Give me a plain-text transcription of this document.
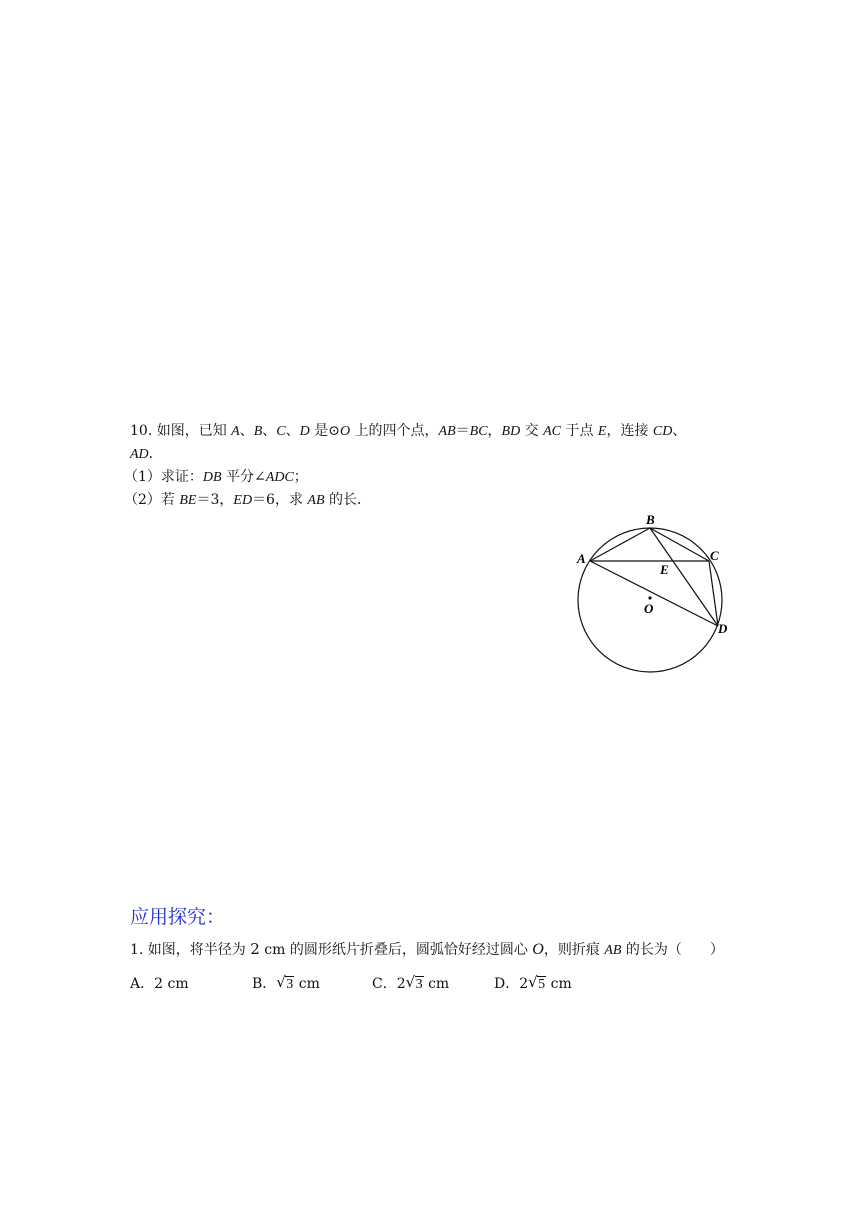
10. 如图，已知 A、B、C、D 是⊙O 上的四个点，AB＝BC，BD 交 AC 于点 E，连接 CD、
AD．
（1）求证：DB 平分∠ADC；
（2）若 BE＝3，ED＝6，求 AB 的长．
A
B
C
D
E
O
应用探究：
1. 如图，将半径为 2 cm 的圆形纸片折叠后，圆弧恰好经过圆心 O，则折痕 AB 的长为（　　 ）
A．2 cm	B． √ 3 cm	C．2 √ 3 cm	D．2 √ 5 cm
